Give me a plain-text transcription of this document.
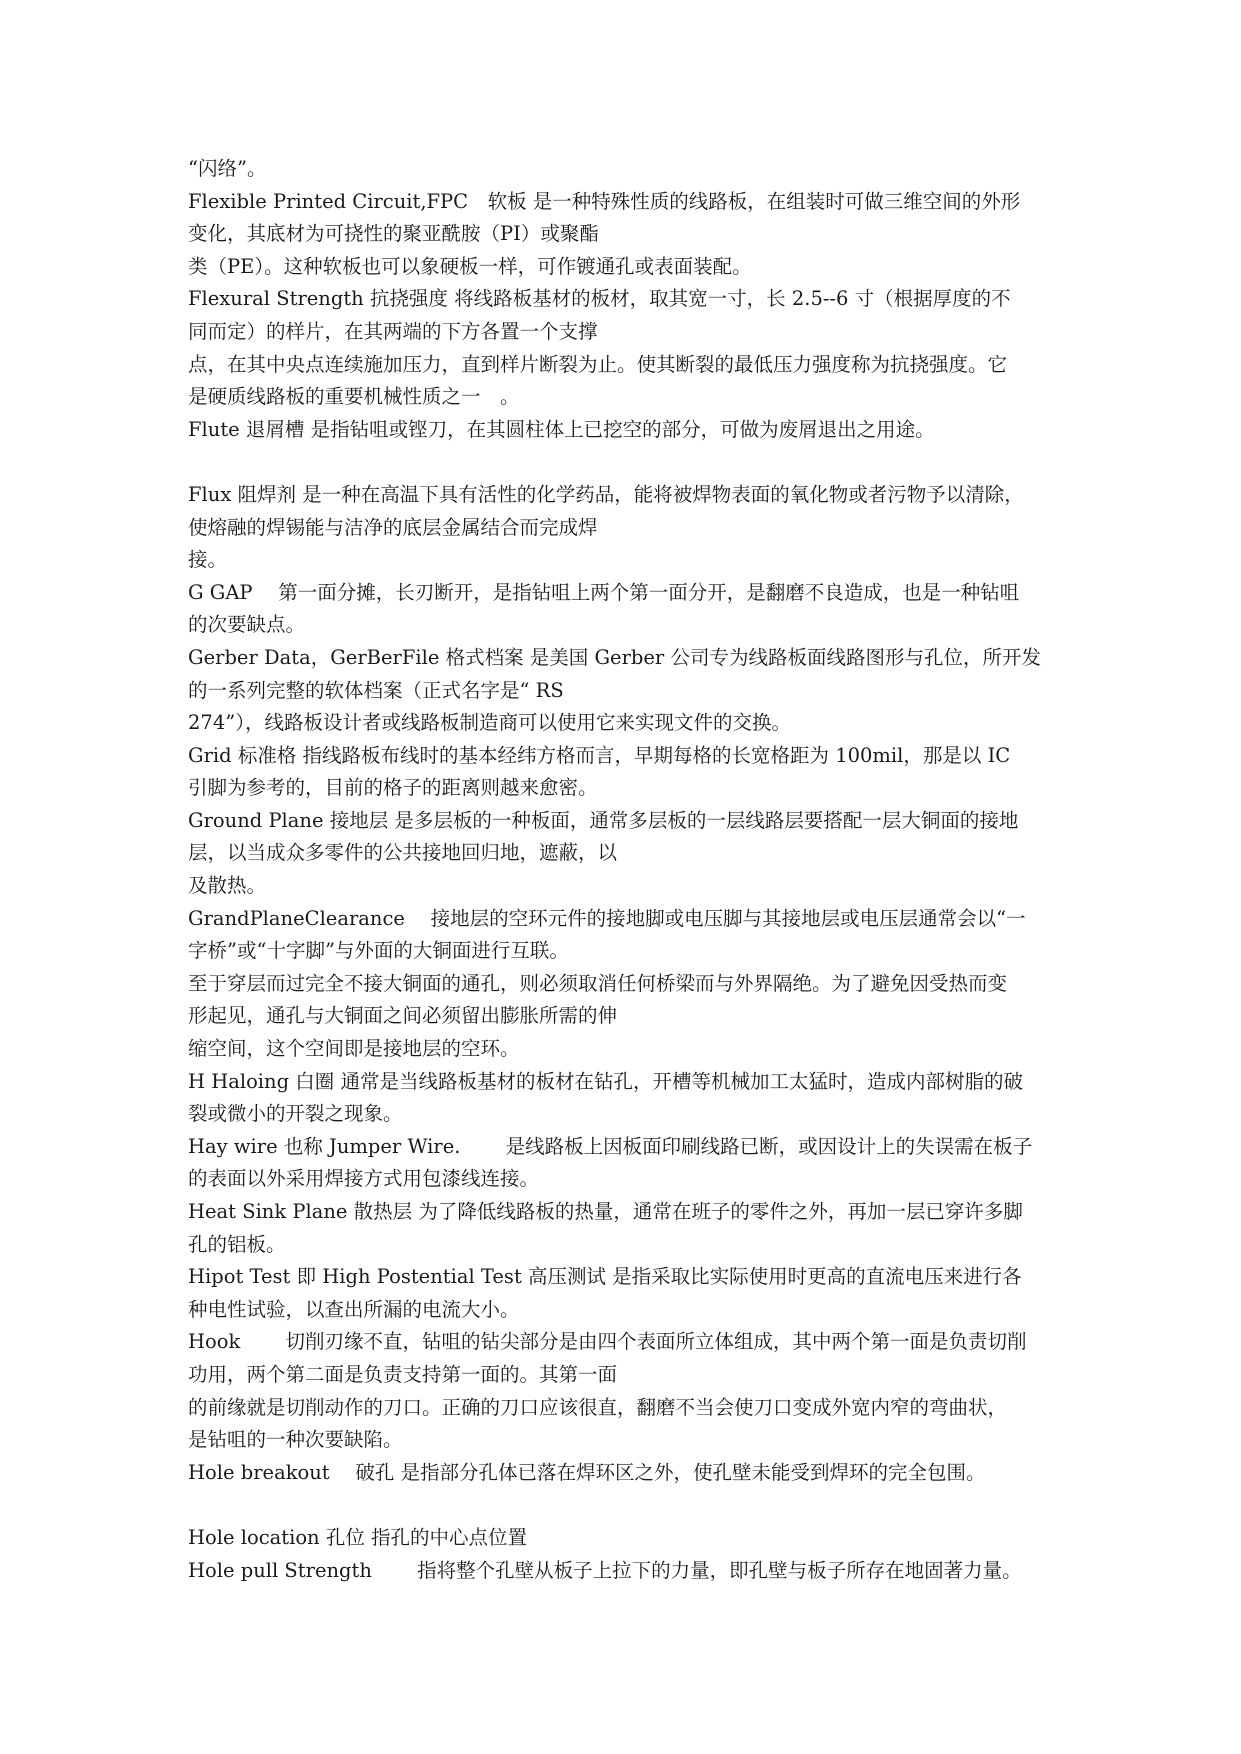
“闪络”。
Flexible Printed Circuit,FPC　软板 是一种特殊性质的线路板，在组装时可做三维空间的外形
变化，其底材为可挠性的聚亚酰胺（PI）或聚酯
类（PE）。这种软板也可以象硬板一样，可作镀通孔或表面装配。
Flexural Strength 抗挠强度 将线路板基材的板材，取其宽一寸，长 2.5--6 寸（根据厚度的不
同而定）的样片，在其两端的下方各置一个支撑
点，在其中央点连续施加压力，直到样片断裂为止。使其断裂的最低压力强度称为抗挠强度。它
是硬质线路板的重要机械性质之一　。
Flute 退屑槽 是指钻咀或铿刀，在其圆柱体上已挖空的部分，可做为废屑退出之用途。
Flux 阻焊剂 是一种在高温下具有活性的化学药品，能将被焊物表面的氧化物或者污物予以清除，
使熔融的焊锡能与洁净的底层金属结合而完成焊
接。
G GAP　 第一面分摊，长刃断开，是指钻咀上两个第一面分开，是翻磨不良造成，也是一种钻咀
的次要缺点。
Gerber Data，GerBerFile 格式档案 是美国 Gerber 公司专为线路板面线路图形与孔位，所开发
的一系列完整的软体档案（正式名字是“ RS
274”），线路板设计者或线路板制造商可以使用它来实现文件的交换。
Grid 标准格 指线路板布线时的基本经纬方格而言，早期每格的长宽格距为 100mil，那是以 IC
引脚为参考的，目前的格子的距离则越来愈密。
Ground Plane 接地层 是多层板的一种板面，通常多层板的一层线路层要搭配一层大铜面的接地
层，以当成众多零件的公共接地回归地，遮蔽，以
及散热。
GrandPlaneClearance　 接地层的空环元件的接地脚或电压脚与其接地层或电压层通常会以“一
字桥”或“十字脚”与外面的大铜面进行互联。
至于穿层而过完全不接大铜面的通孔，则必须取消任何桥梁而与外界隔绝。为了避免因受热而变
形起见，通孔与大铜面之间必须留出膨胀所需的伸
缩空间，这个空间即是接地层的空环。
H Haloing 白圈 通常是当线路板基材的板材在钻孔，开槽等机械加工太猛时，造成内部树脂的破
裂或微小的开裂之现象。
Hay wire 也称 Jumper Wire.　　 是线路板上因板面印刷线路已断，或因设计上的失误需在板子
的表面以外采用焊接方式用包漆线连接。
Heat Sink Plane 散热层 为了降低线路板的热量，通常在班子的零件之外，再加一层已穿许多脚
孔的铝板。
Hipot Test 即 High Postential Test 高压测试 是指采取比实际使用时更高的直流电压来进行各
种电性试验，以查出所漏的电流大小。
Hook　　 切削刃缘不直，钻咀的钻尖部分是由四个表面所立体组成，其中两个第一面是负责切削
功用，两个第二面是负责支持第一面的。其第一面
的前缘就是切削动作的刀口。正确的刀口应该很直，翻磨不当会使刀口变成外宽内窄的弯曲状，
是钻咀的一种次要缺陷。
Hole breakout　 破孔 是指部分孔体已落在焊环区之外，使孔壁未能受到焊环的完全包围。
Hole location 孔位 指孔的中心点位置
Hole pull Strength　　 指将整个孔壁从板子上拉下的力量，即孔壁与板子所存在地固著力量。
